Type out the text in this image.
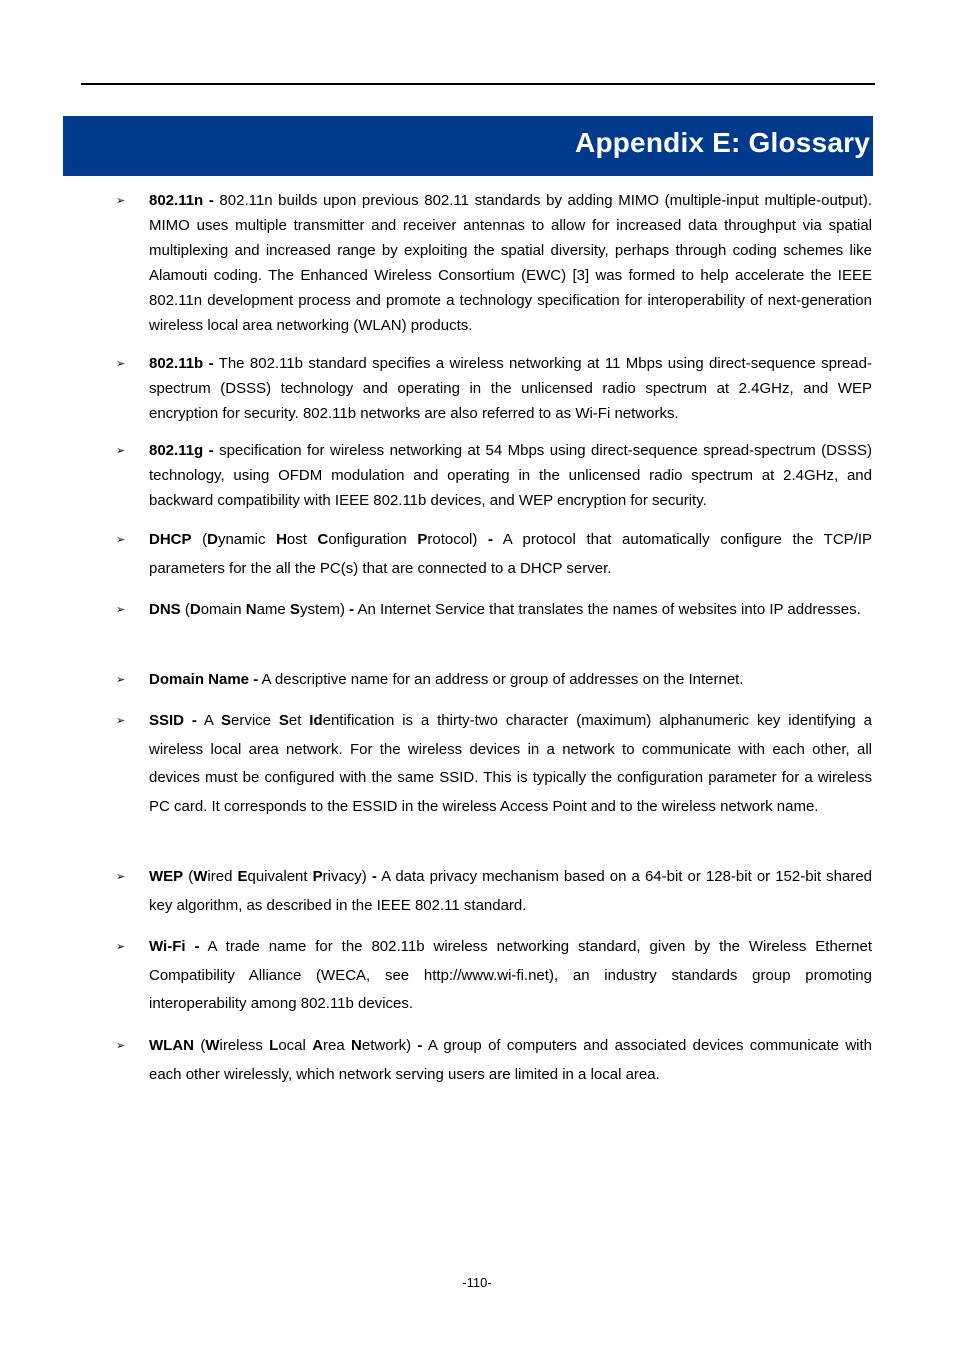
Appendix E: Glossary
➢ 802.11n - 802.11n builds upon previous 802.11 standards by adding MIMO (multiple-input multiple-output). MIMO uses multiple transmitter and receiver antennas to allow for increased data throughput via spatial multiplexing and increased range by exploiting the spatial diversity, perhaps through coding schemes like Alamouti coding. The Enhanced Wireless Consortium (EWC) [3] was formed to help accelerate the IEEE 802.11n development process and promote a technology specification for interoperability of next-generation wireless local area networking (WLAN) products.
➢ 802.11b - The 802.11b standard specifies a wireless networking at 11 Mbps using direct-sequence spread-spectrum (DSSS) technology and operating in the unlicensed radio spectrum at 2.4GHz, and WEP encryption for security. 802.11b networks are also referred to as Wi-Fi networks.
➢ 802.11g - specification for wireless networking at 54 Mbps using direct-sequence spread-spectrum (DSSS) technology, using OFDM modulation and operating in the unlicensed radio spectrum at 2.4GHz, and backward compatibility with IEEE 802.11b devices, and WEP encryption for security.
➢ DHCP (Dynamic Host Configuration Protocol) - A protocol that automatically configure the TCP/IP parameters for the all the PC(s) that are connected to a DHCP server.
➢ DNS (Domain Name System) - An Internet Service that translates the names of websites into IP addresses.
➢ Domain Name - A descriptive name for an address or group of addresses on the Internet.
➢ SSID - A Service Set Identification is a thirty-two character (maximum) alphanumeric key identifying a wireless local area network. For the wireless devices in a network to communicate with each other, all devices must be configured with the same SSID. This is typically the configuration parameter for a wireless PC card. It corresponds to the ESSID in the wireless Access Point and to the wireless network name.
➢ WEP (Wired Equivalent Privacy) - A data privacy mechanism based on a 64-bit or 128-bit or 152-bit shared key algorithm, as described in the IEEE 802.11 standard.
➢ Wi-Fi - A trade name for the 802.11b wireless networking standard, given by the Wireless Ethernet Compatibility Alliance (WECA, see http://www.wi-fi.net), an industry standards group promoting interoperability among 802.11b devices.
➢ WLAN (Wireless Local Area Network) - A group of computers and associated devices communicate with each other wirelessly, which network serving users are limited in a local area.
-110-
